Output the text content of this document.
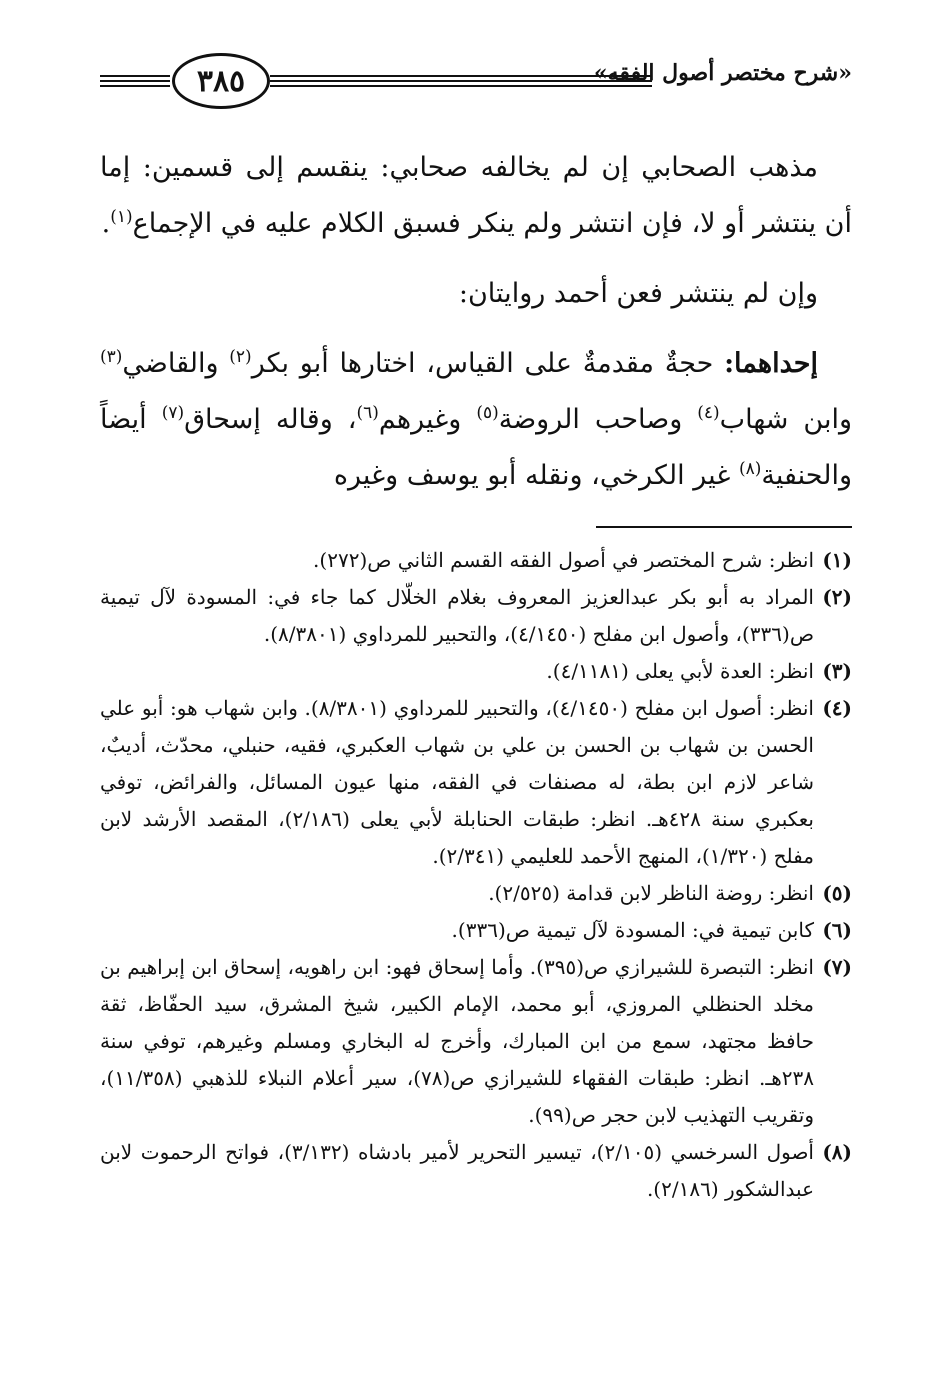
«شرح مختصر أصول الفقه»
٣٨٥

مذهب الصحابي إن لم يخالفه صحابي: ينقسم إلى قسمين: إما أن ينتشر أو لا، فإن انتشر ولم ينكر فسبق الكلام عليه في الإجماع$^{(١)}$.

وإن لم ينتشر فعن أحمد روايتان:

إحداهما: حجةٌ مقدمةٌ على القياس، اختارها أبو بكر$^{(٢)}$ والقاضي$^{(٣)}$ وابن شهاب$^{(٤)}$ وصاحب الروضة$^{(٥)}$ وغيرهم$^{(٦)}$، وقاله إسحاق$^{(٧)}$ أيضاً والحنفية$^{(٨)}$ غير الكرخي، ونقله أبو يوسف وغيره

(١)
انظر: شرح المختصر في أصول الفقه القسم الثاني ص(٢٧٢).
(٢)
المراد به أبو بكر عبدالعزيز المعروف بغلام الخلّال كما جاء في: المسودة لآل تيمية ص(٣٣٦)، وأصول ابن مفلح (٤/١٤٥٠)، والتحبير للمرداوي (٨/٣٨٠١).
(٣)
انظر: العدة لأبي يعلى (٤/١١٨١).
(٤)
انظر: أصول ابن مفلح (٤/١٤٥٠)، والتحبير للمرداوي (٨/٣٨٠١). وابن شهاب هو: أبو علي الحسن بن شهاب بن الحسن بن علي بن شهاب العكبري، فقيه، حنبلي، محدّث، أديبٌ، شاعر لازم ابن بطة، له مصنفات في الفقه، منها عيون المسائل، والفرائض، توفي بعكبري سنة ٤٢٨هـ. انظر: طبقات الحنابلة لأبي يعلى (٢/١٨٦)، المقصد الأرشد لابن مفلح (١/٣٢٠)، المنهج الأحمد للعليمي (٢/٣٤١).
(٥)
انظر: روضة الناظر لابن قدامة (٢/٥٢٥).
(٦)
كابن تيمية في: المسودة لآل تيمية ص(٣٣٦).
(٧)
انظر: التبصرة للشيرازي ص(٣٩٥). وأما إسحاق فهو: ابن راهويه، إسحاق ابن إبراهيم بن مخلد الحنظلي المروزي، أبو محمد، الإمام الكبير، شيخ المشرق، سيد الحفّاظ، ثقة حافظ مجتهد، سمع من ابن المبارك، وأخرج له البخاري ومسلم وغيرهم، توفي سنة ٢٣٨هـ. انظر: طبقات الفقهاء للشيرازي ص(٧٨)، سير أعلام النبلاء للذهبي (١١/٣٥٨)، وتقريب التهذيب لابن حجر ص(٩٩).
(٨)
أصول السرخسي (٢/١٠٥)، تيسير التحرير لأمير بادشاه (٣/١٣٢)، فواتح الرحموت لابن عبدالشكور (٢/١٨٦).
